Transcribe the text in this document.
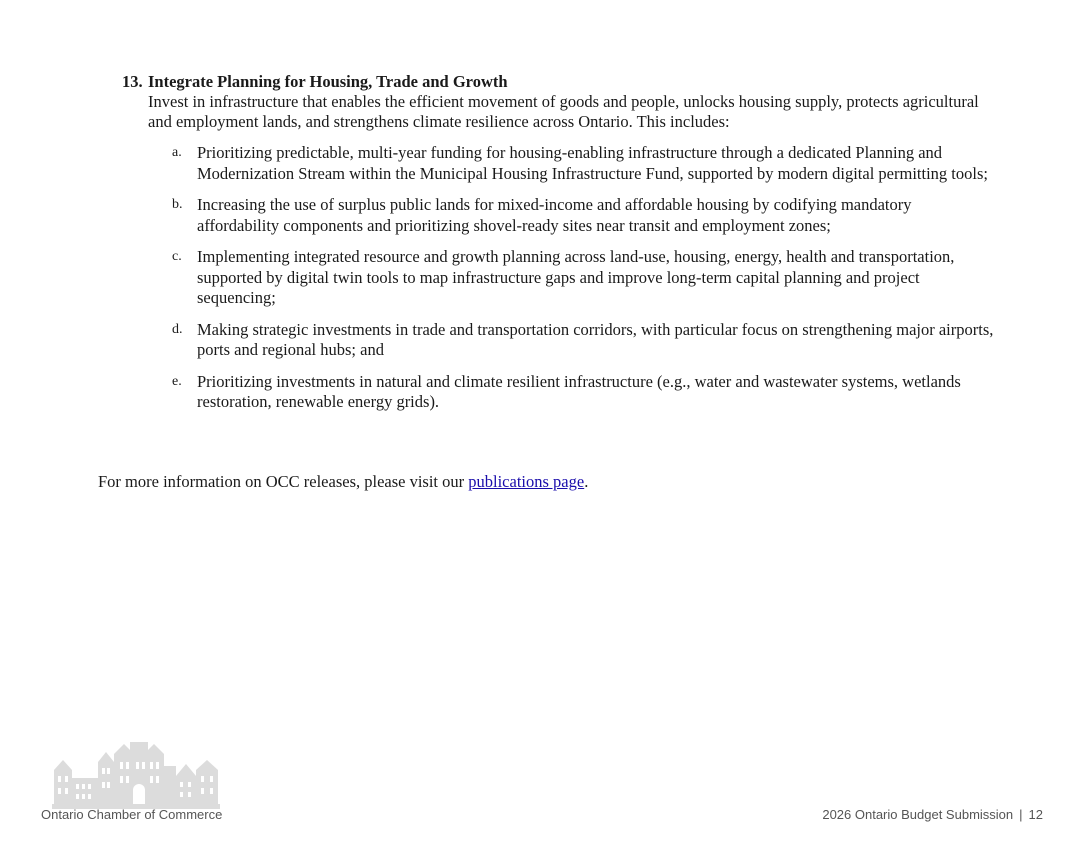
13. Integrate Planning for Housing, Trade and Growth
Invest in infrastructure that enables the efficient movement of goods and people, unlocks housing supply, protects agricultural and employment lands, and strengthens climate resilience across Ontario. This includes:
a. Prioritizing predictable, multi-year funding for housing-enabling infrastructure through a dedicated Planning and Modernization Stream within the Municipal Housing Infrastructure Fund, supported by modern digital permitting tools;
b. Increasing the use of surplus public lands for mixed-income and affordable housing by codifying mandatory affordability components and prioritizing shovel-ready sites near transit and employment zones;
c. Implementing integrated resource and growth planning across land-use, housing, energy, health and transportation, supported by digital twin tools to map infrastructure gaps and improve long-term capital planning and project sequencing;
d. Making strategic investments in trade and transportation corridors, with particular focus on strengthening major airports, ports and regional hubs; and
e. Prioritizing investments in natural and climate resilient infrastructure (e.g., water and wastewater systems, wetlands restoration, renewable energy grids).
For more information on OCC releases, please visit our publications page.
Ontario Chamber of Commerce	2026 Ontario Budget Submission | 12
